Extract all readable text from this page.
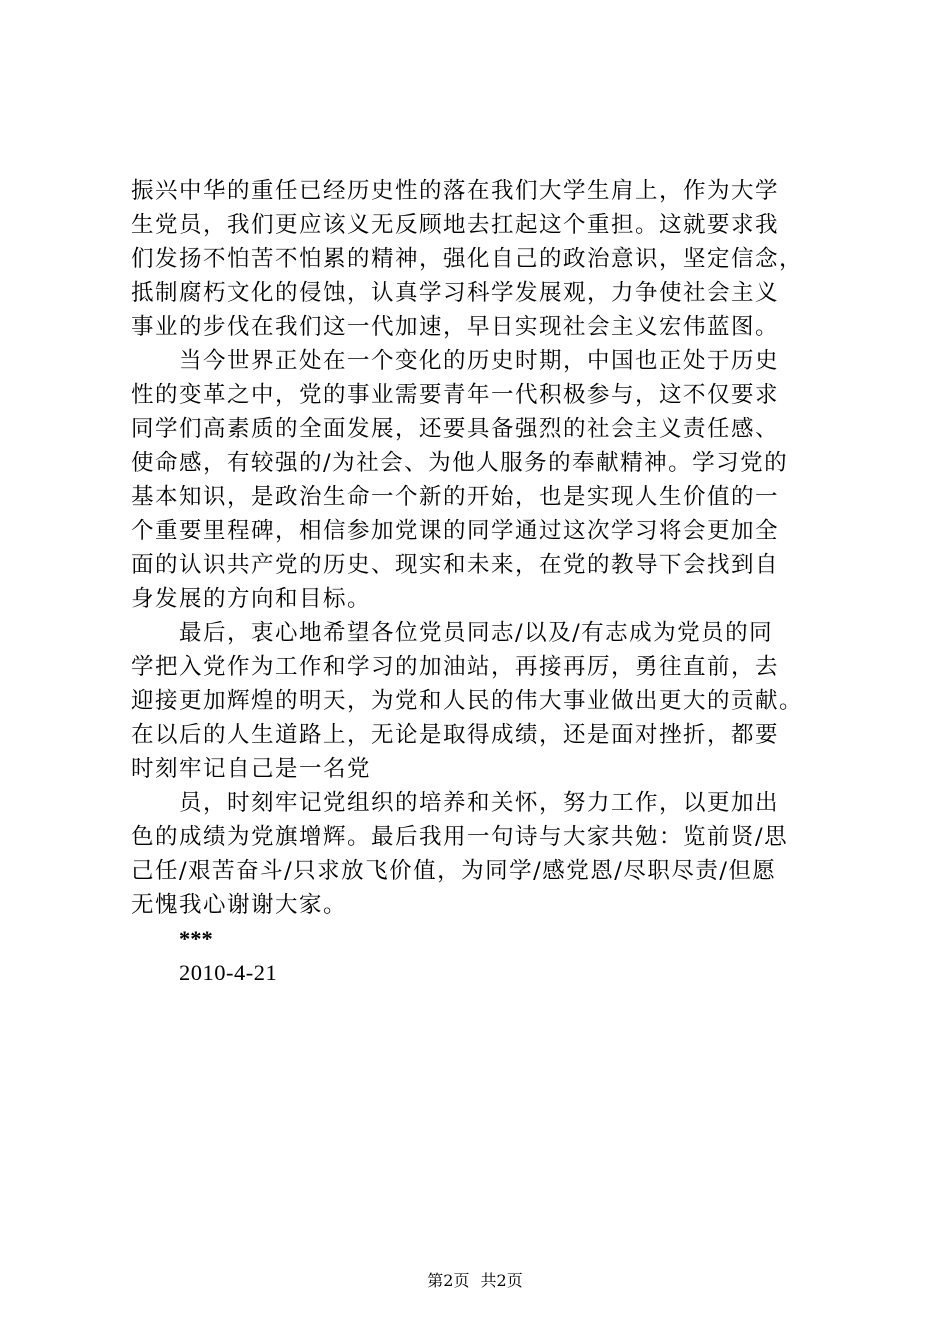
振兴中华的重任已经历史性的落在我们大学生肩上，作为大学
生党员，我们更应该义无反顾地去扛起这个重担。这就要求我
们发扬不怕苦不怕累的精神，强化自己的政治意识，坚定信念，
抵制腐朽文化的侵蚀，认真学习科学发展观，力争使社会主义
事业的步伐在我们这一代加速，早日实现社会主义宏伟蓝图。
当今世界正处在一个变化的历史时期，中国也正处于历史
性的变革之中，党的事业需要青年一代积极参与，这不仅要求
同学们高素质的全面发展，还要具备强烈的社会主义责任感、
使命感，有较强的/为社会、为他人服务的奉献精神。学习党的
基本知识，是政治生命一个新的开始，也是实现人生价值的一
个重要里程碑，相信参加党课的同学通过这次学习将会更加全
面的认识共产党的历史、现实和未来，在党的教导下会找到自
身发展的方向和目标。
最后，衷心地希望各位党员同志/以及/有志成为党员的同
学把入党作为工作和学习的加油站，再接再厉，勇往直前，去
迎接更加辉煌的明天，为党和人民的伟大事业做出更大的贡献。
在以后的人生道路上，无论是取得成绩，还是面对挫折，都要
时刻牢记自己是一名党
员，时刻牢记党组织的培养和关怀，努力工作，以更加出
色的成绩为党旗增辉。最后我用一句诗与大家共勉：览前贤/思
己任/艰苦奋斗/只求放飞价值，为同学/感党恩/尽职尽责/但愿
无愧我心谢谢大家。
***
2010-4-21
第2页 共2页
